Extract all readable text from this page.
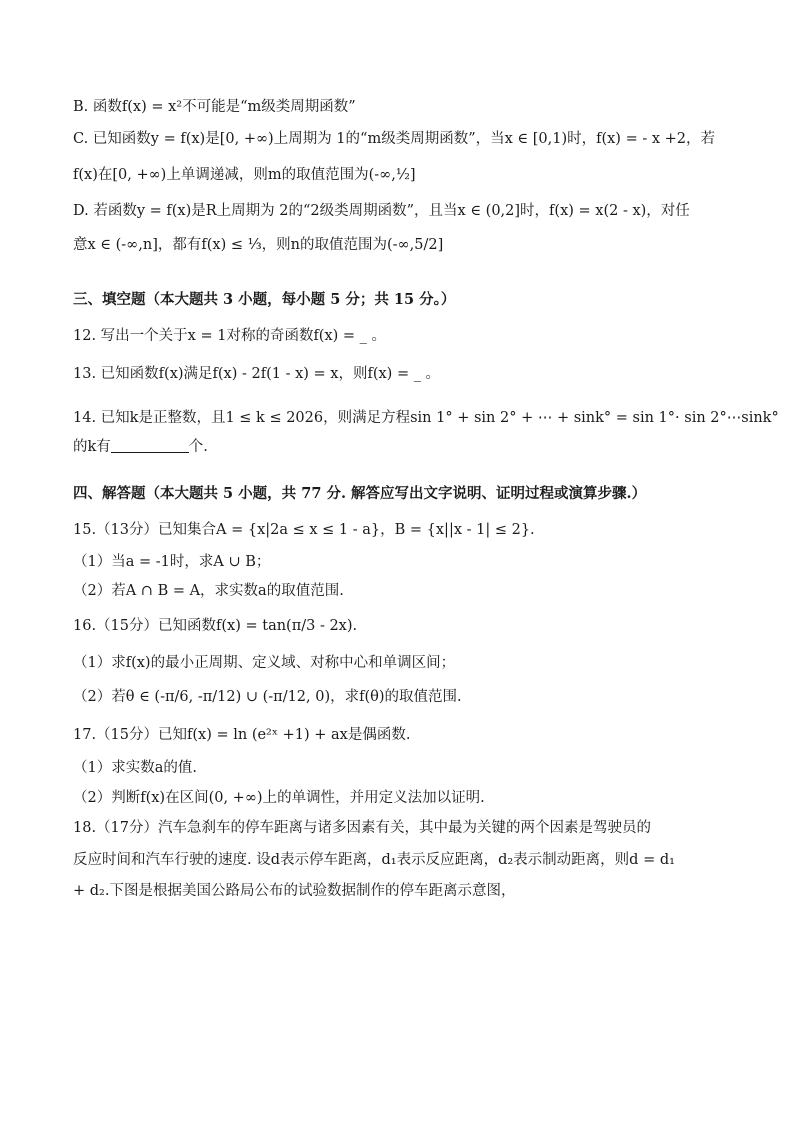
B. 函数f(x) = x²不可能是“m级类周期函数”
C. 已知函数y = f(x)是[0, +∞)上周期为 1的“m级类周期函数”，当x ∈ [0,1)时，f(x) = - x +2，若
f(x)在[0, +∞)上单调递减，则m的取值范围为(-∞,½]
D. 若函数y = f(x)是R上周期为 2的“2级类周期函数”，且当x ∈ (0,2]时，f(x) = x(2 - x)，对任
意x ∈ (-∞,n]，都有f(x) ≤ ⅓，则n的取值范围为(-∞,5/2]
三、填空题（本大题共 3 小题，每小题 5 分；共 15 分。）
12. 写出一个关于x = 1对称的奇函数f(x) = _ 。
13. 已知函数f(x)满足f(x) - 2f(1 - x) = x，则f(x) = _ 。
14. 已知k是正整数，且1 ≤ k ≤ 2026，则满足方程sin 1° + sin 2° + ⋯ + sink° = sin 1°· sin 2°⋯sink°
的k有	个.
四、解答题（本大题共 5 小题，共 77 分. 解答应写出文字说明、证明过程或演算步骤.）
15.（13分）已知集合A = {x|2a ≤ x ≤ 1 - a}，B = {x||x - 1| ≤ 2}.
（1）当a = -1时，求A ∪ B；
（2）若A ∩ B = A，求实数a的取值范围.
16.（15分）已知函数f(x) = tan(π/3 - 2x).
（1）求f(x)的最小正周期、定义域、对称中心和单调区间；
（2）若θ ∈ (-π/6, -π/12) ∪ (-π/12, 0)，求f(θ)的取值范围.
17.（15分）已知f(x) = ln (e²ˣ +1) + ax是偶函数.
（1）求实数a的值.
（2）判断f(x)在区间(0, +∞)上的单调性，并用定义法加以证明.
18.（17分）汽车急刹车的停车距离与诸多因素有关，其中最为关键的两个因素是驾驶员的
反应时间和汽车行驶的速度. 设d表示停车距离，d₁表示反应距离，d₂表示制动距离，则d = d₁
+ d₂.下图是根据美国公路局公布的试验数据制作的停车距离示意图，
